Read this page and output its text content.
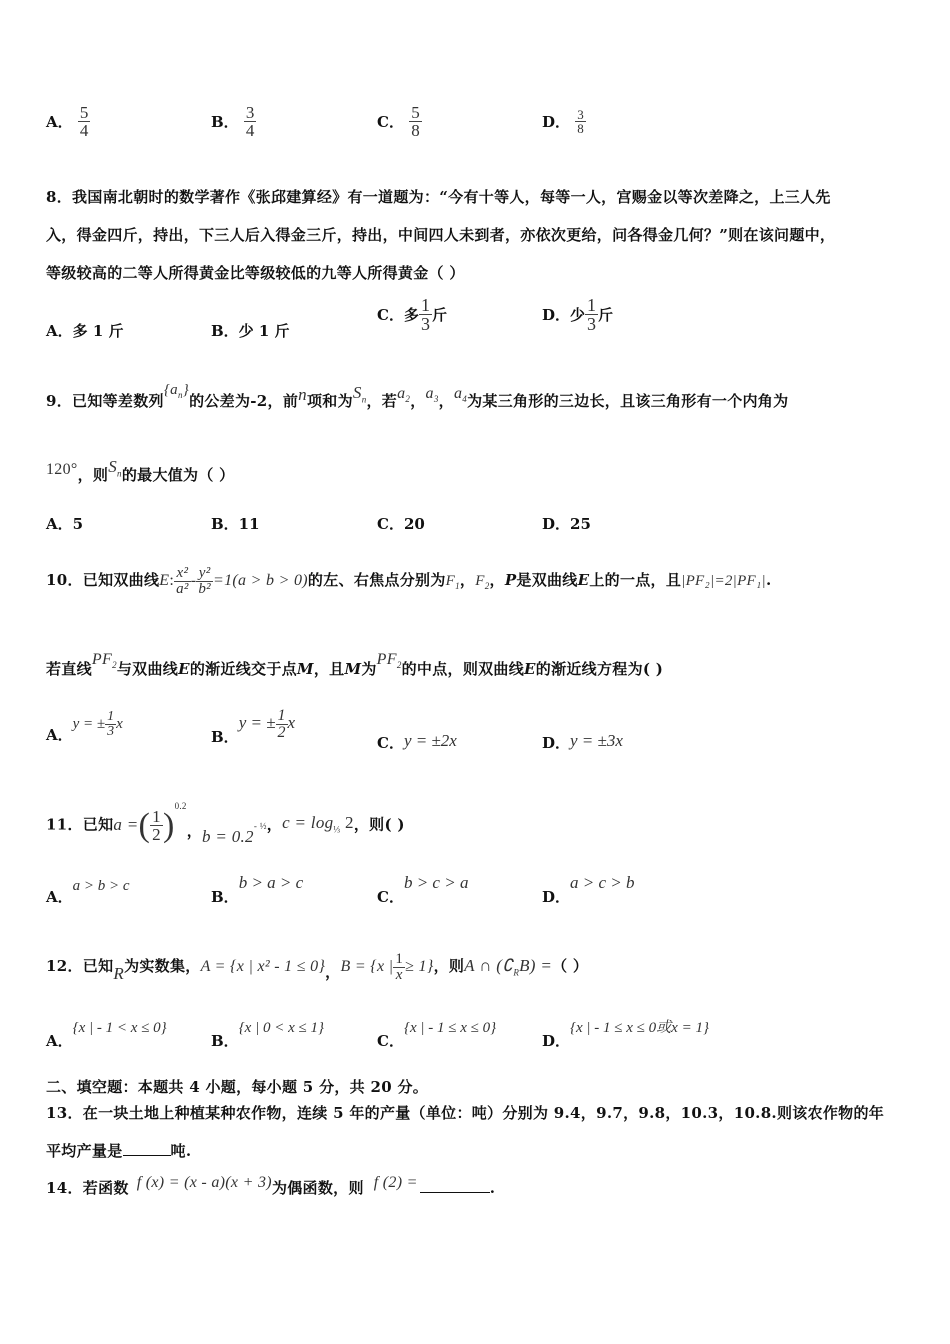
A． $\frac{5}{4}$	B． $\frac{3}{4}$	C． $\frac{5}{8}$	D． $\frac{3}{8}$
8．我国南北朝时的数学著作《张邱建算经》有一道题为：“今有十等人，每等一人，宫赐金以等次差降之，上三人先
入，得金四斤，持出，下三人后入得金三斤，持出，中间四人未到者，亦依次更给，问各得金几何？”则在该问题中，
等级较高的二等人所得黄金比等级较低的九等人所得黄金（ ）
A．多 1 斤	B．少 1 斤
C．多 $\frac{1}{3}$ 斤	D．少 $\frac{1}{3}$ 斤
9．已知等差数列$\{a_n\}$的公差为-2，前n项和为$S_n$，若$a_2$，$a_3$，$a_4$为某三角形的三边长，且该三角形有一个内角为
120°，则$S_n$的最大值为（ ）
A．5	B．11	C．20	D．25
10．已知双曲线E: $\frac{\text{x²}}{\text{a²}} - \frac{\text{y²}}{\text{b²}} =1(a > b > 0)$的左、右焦点分别为$F_1$，$F_2$，P是双曲线E上的一点，且|PF₂|=2|PF₁|.
若直线$PF_2$与双曲线E的渐近线交于点M，且M为$PF_2$的中点，则双曲线E的渐近线方程为( )
A．y = ± $\frac{1}{3}$ x
B．y = ± $\frac{1}{2}$ x
C．y = ±2x	D．y = ±3x
11．已知a =( $\frac{1}{2} )^{0.2}$，$b = 0.2^{- \frac{1}{2}}$，$c = \log_{\frac{1}{3}} 2$，则( )
A．a > b > c
B．b > a > c
C．b > c > a
D．a > c > b
12．已知R为实数集，A = {x | x² - 1 ≤ 0}，B = {x | $\frac{1}{x} \ge 1$}，则A ∩ $(∁_RB)$ =（ ）
A．{x | - 1 < x ≤ 0}
B．{x | 0 < x ≤ 1}
C．{x | - 1 ≤ x ≤ 0}
D．{x | - 1 ≤ x ≤ 0或x = 1}
二、填空题：本题共 4 小题，每小题 5 分，共 20 分。
13．在一块土地上种植某种农作物，连续 5 年的产量（单位：吨）分别为 9.4，9.7，9.8，10.3，10.8.则该农作物的年
平均产量是	吨.
14．若函数 f (x) = (x - a)(x + 3)为偶函数，则 f (2) =	.
